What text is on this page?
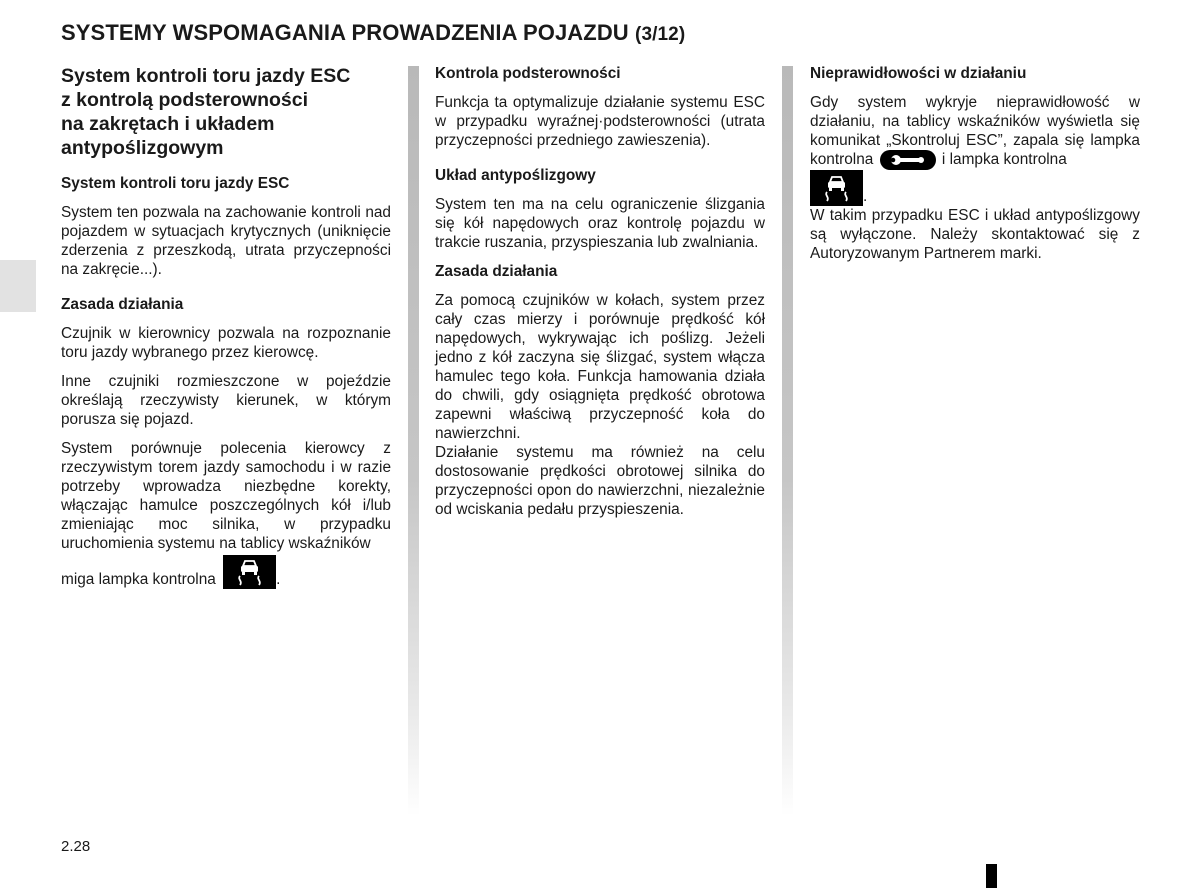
SYSTEMY WSPOMAGANIA PROWADZENIA POJAZDU (3/12)
System kontroli toru jazdy ESC
z kontrolą podsterowności
na zakrętach i układem
antypoślizgowym
System kontroli toru jazdy ESC

System ten pozwala na zachowanie kontroli nad pojazdem w sytuacjach krytycznych (uniknięcie zderzenia z przeszkodą, utrata przyczepności na zakręcie...).

Zasada działania

Czujnik w kierownicy pozwala na rozpoznanie toru jazdy wybranego przez kierowcę.

Inne czujniki rozmieszczone w pojeździe określają rzeczywisty kierunek, w którym porusza się pojazd.

System porównuje polecenia kierowcy z rzeczywistym torem jazdy samochodu i w razie potrzeby wprowadza niezbędne korekty, włączając hamulce poszczególnych kół i/lub zmieniając moc silnika, w przypadku uruchomienia systemu na tablicy wskaźników

miga lampka kontrolna	.

Kontrola podsterowności

Funkcja ta optymalizuje działanie systemu ESC w przypadku wyraźnej·podsterowności (utrata przyczepności przedniego zawieszenia).

Układ antypoślizgowy

System ten ma na celu ograniczenie ślizgania się kół napędowych oraz kontrolę pojazdu w trakcie ruszania, przyspieszania lub zwalniania.

Zasada działania

Za pomocą czujników w kołach, system przez cały czas mierzy i porównuje prędkość kół napędowych, wykrywając ich poślizg. Jeżeli jedno z kół zaczyna się ślizgać, system włącza hamulec tego koła. Funkcja hamowania działa do chwili, gdy osiągnięta prędkość obrotowa zapewni właściwą przyczepność koła do nawierzchni.

Działanie systemu ma również na celu dostosowanie prędkości obrotowej silnika do przyczepności opon do nawierzchni, niezależnie od wciskania pedału przyspieszenia.

Nieprawidłowości w działaniu

Gdy system wykryje nieprawidłowość w działaniu, na tablicy wskaźników wyświetla się komunikat „Skontroluj ESC”, zapala się lampka kontrolna	i lampka kontrolna

.

W takim przypadku ESC i układ antypoślizgowy są wyłączone. Należy skontaktować się z Autoryzowanym Partnerem marki.

2.28
